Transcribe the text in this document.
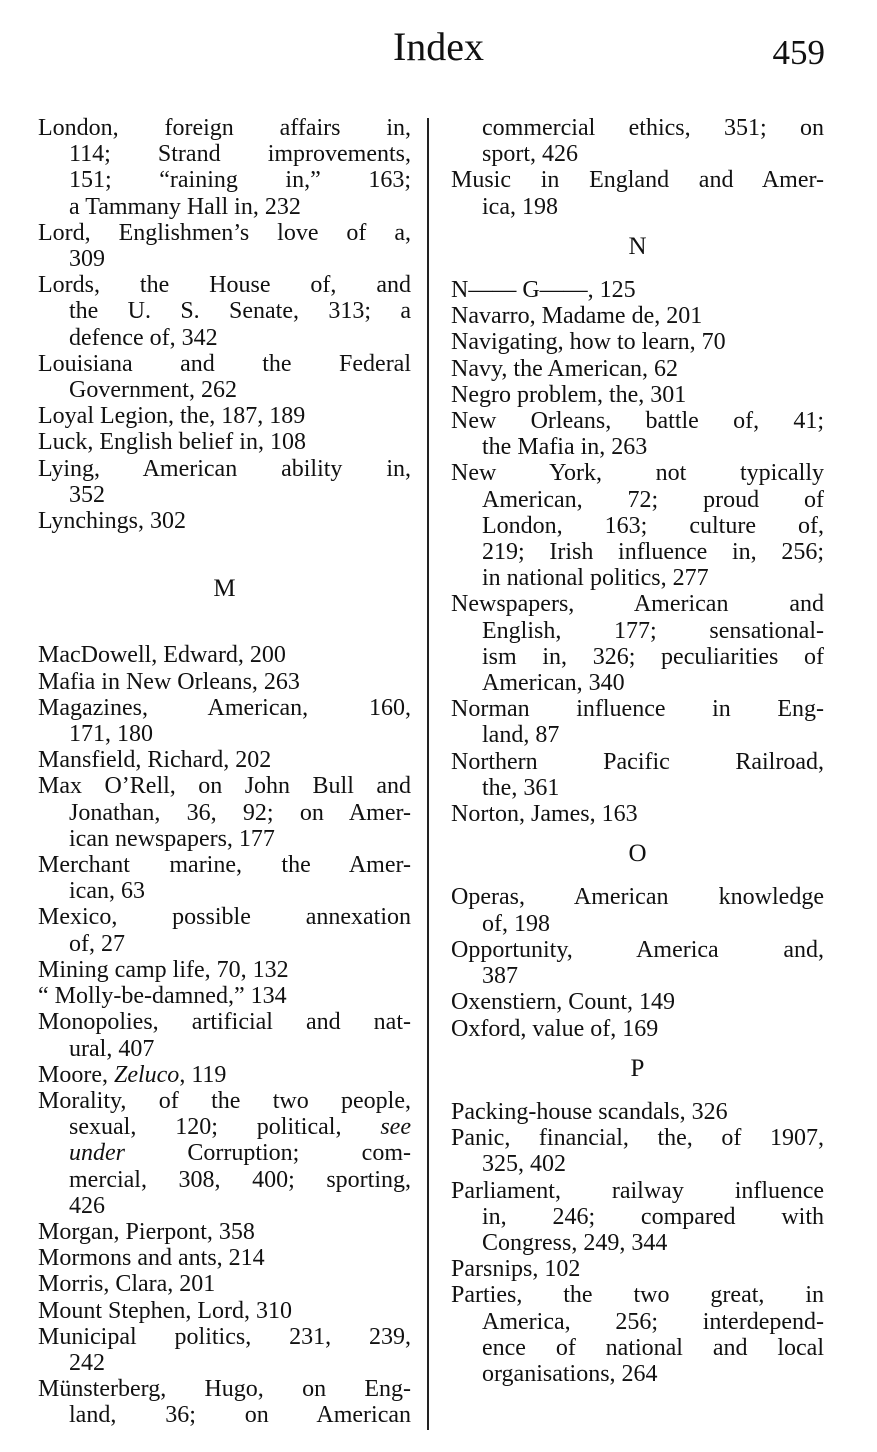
Index	459
London, foreign affairs in,
114; Strand improvements,
151; “raining in,” 163;
a Tammany Hall in, 232
Lord, Englishmen’s love of a,
309
Lords, the House of, and
the U. S. Senate, 313; a
defence of, 342
Louisiana and the Federal
Government, 262
Loyal Legion, the, 187, 189
Luck, English belief in, 108
Lying, American ability in,
352
Lynchings, 302
M
MacDowell, Edward, 200
Mafia in New Orleans, 263
Magazines, American, 160,
171, 180
Mansfield, Richard, 202
Max O’Rell, on John Bull and
Jonathan, 36, 92; on Amer-
ican newspapers, 177
Merchant marine, the Amer-
ican, 63
Mexico, possible annexation
of, 27
Mining camp life, 70, 132
“ Molly-be-damned,” 134
Monopolies, artificial and nat-
ural, 407
Moore, Zeluco, 119
Morality, of the two people,
sexual, 120; political, see
under Corruption; com-
mercial, 308, 400; sporting,
426
Morgan, Pierpont, 358
Mormons and ants, 214
Morris, Clara, 201
Mount Stephen, Lord, 310
Municipal politics, 231, 239,
242
Münsterberg, Hugo, on Eng-
land, 36; on American
commercial ethics, 351; on
sport, 426
Music in England and Amer-
ica, 198
N
N—— G——, 125
Navarro, Madame de, 201
Navigating, how to learn, 70
Navy, the American, 62
Negro problem, the, 301
New Orleans, battle of, 41;
the Mafia in, 263
New York, not typically
American, 72; proud of
London, 163; culture of,
219; Irish influence in, 256;
in national politics, 277
Newspapers, American and
English, 177; sensational-
ism in, 326; peculiarities of
American, 340
Norman influence in Eng-
land, 87
Northern Pacific Railroad,
the, 361
Norton, James, 163
O
Operas, American knowledge
of, 198
Opportunity, America and,
387
Oxenstiern, Count, 149
Oxford, value of, 169
P
Packing-house scandals, 326
Panic, financial, the, of 1907,
325, 402
Parliament, railway influence
in, 246; compared with
Congress, 249, 344
Parsnips, 102
Parties, the two great, in
America, 256; interdepend-
ence of national and local
organisations, 264
